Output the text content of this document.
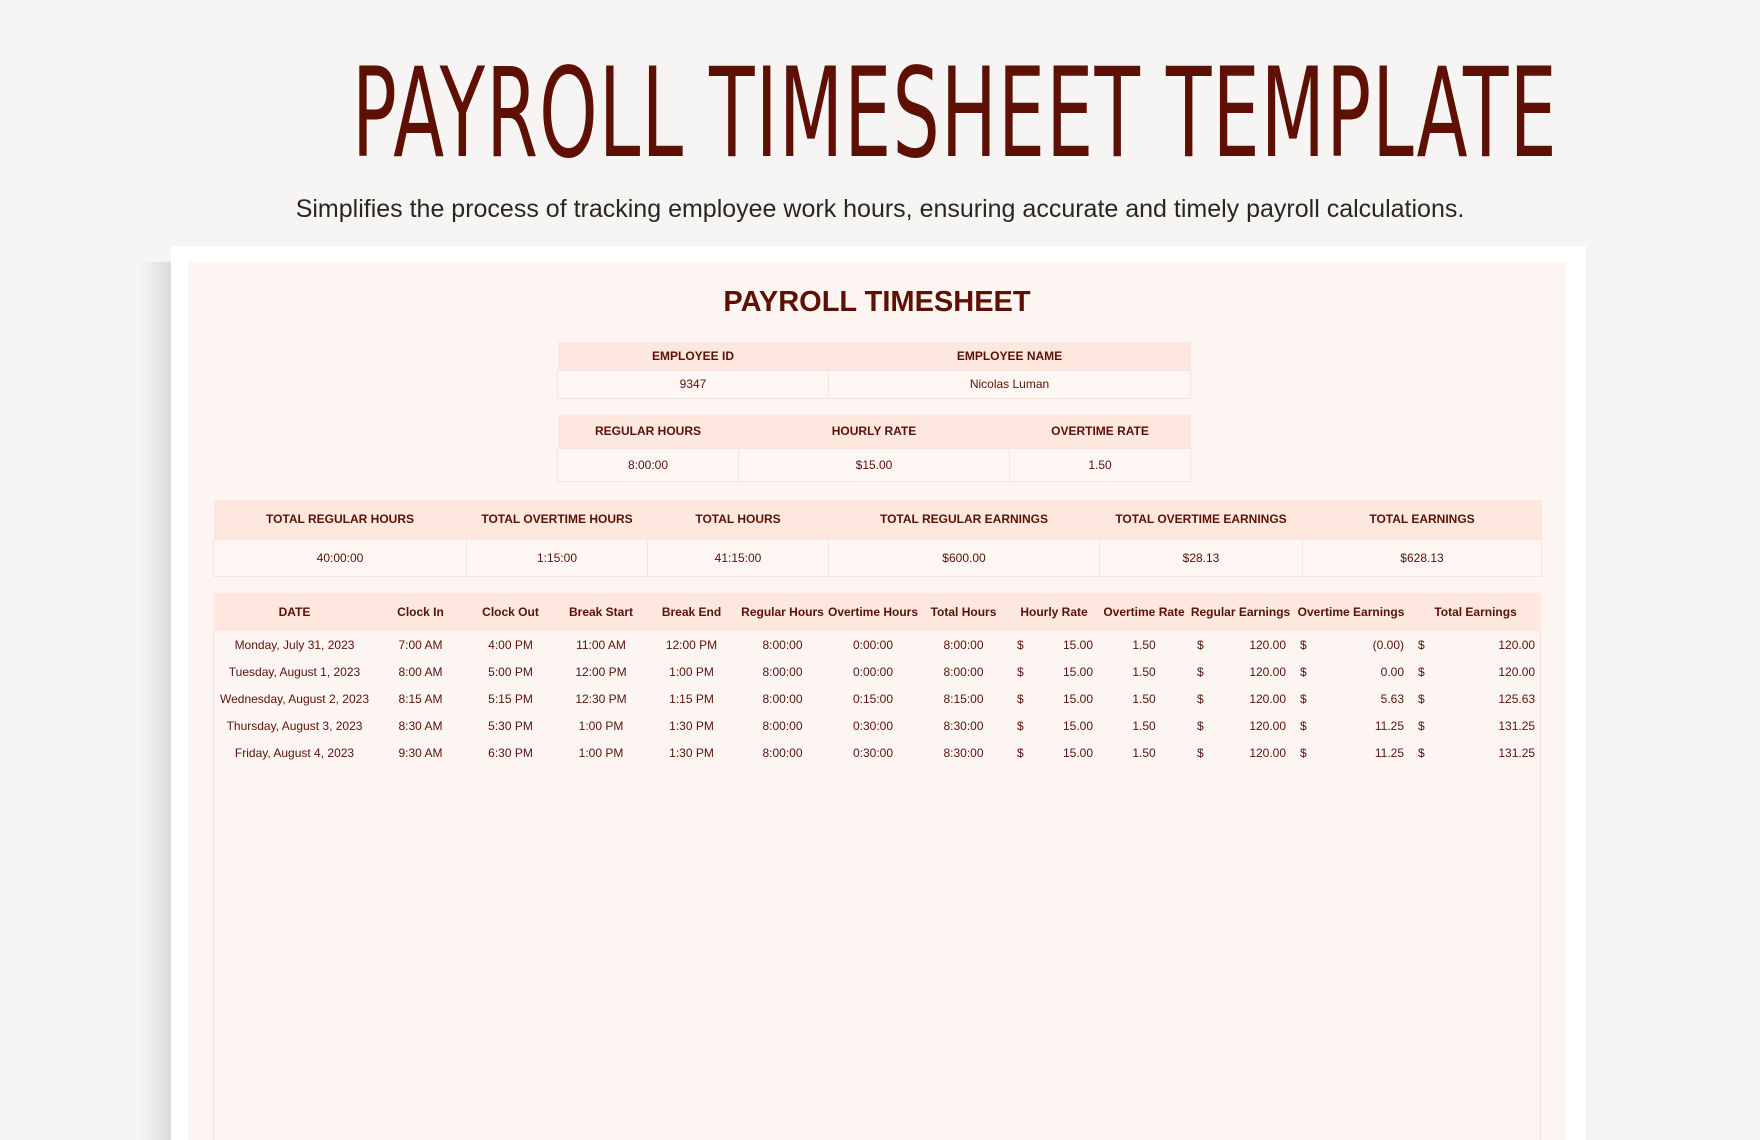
PAYROLL TIMESHEET TEMPLATE

Simplifies the process of tracking employee work hours, ensuring accurate and timely payroll calculations.

PAYROLL TIMESHEET
EMPLOYEE ID	EMPLOYEE NAME
9347	Nicolas Luman
REGULAR HOURS	HOURLY RATE	OVERTIME RATE
8:00:00	$15.00	1.50
TOTAL REGULAR HOURS	TOTAL OVERTIME HOURS	TOTAL HOURS	TOTAL REGULAR EARNINGS	TOTAL OVERTIME EARNINGS	TOTAL EARNINGS
40:00:00	1:15:00	41:15:00	$600.00	$28.13	$628.13
DATE	Clock In	Clock Out	Break Start	Break End	Regular Hours	Overtime Hours	Total Hours	Hourly Rate		Overtime Rate	Regular Earnings		Overtime Earnings		Total Earnings	
Monday, July 31, 2023	7:00 AM	4:00 PM	11:00 AM	12:00 PM	8:00:00	0:00:00	8:00:00	$	15.00	1.50	$	120.00	$	(0.00)	$	120.00
Tuesday, August 1, 2023	8:00 AM	5:00 PM	12:00 PM	1:00 PM	8:00:00	0:00:00	8:00:00	$	15.00	1.50	$	120.00	$	0.00	$	120.00
Wednesday, August 2, 2023	8:15 AM	5:15 PM	12:30 PM	1:15 PM	8:00:00	0:15:00	8:15:00	$	15.00	1.50	$	120.00	$	5.63	$	125.63
Thursday, August 3, 2023	8:30 AM	5:30 PM	1:00 PM	1:30 PM	8:00:00	0:30:00	8:30:00	$	15.00	1.50	$	120.00	$	11.25	$	131.25
Friday, August 4, 2023	9:30 AM	6:30 PM	1:00 PM	1:30 PM	8:00:00	0:30:00	8:30:00	$	15.00	1.50	$	120.00	$	11.25	$	131.25
